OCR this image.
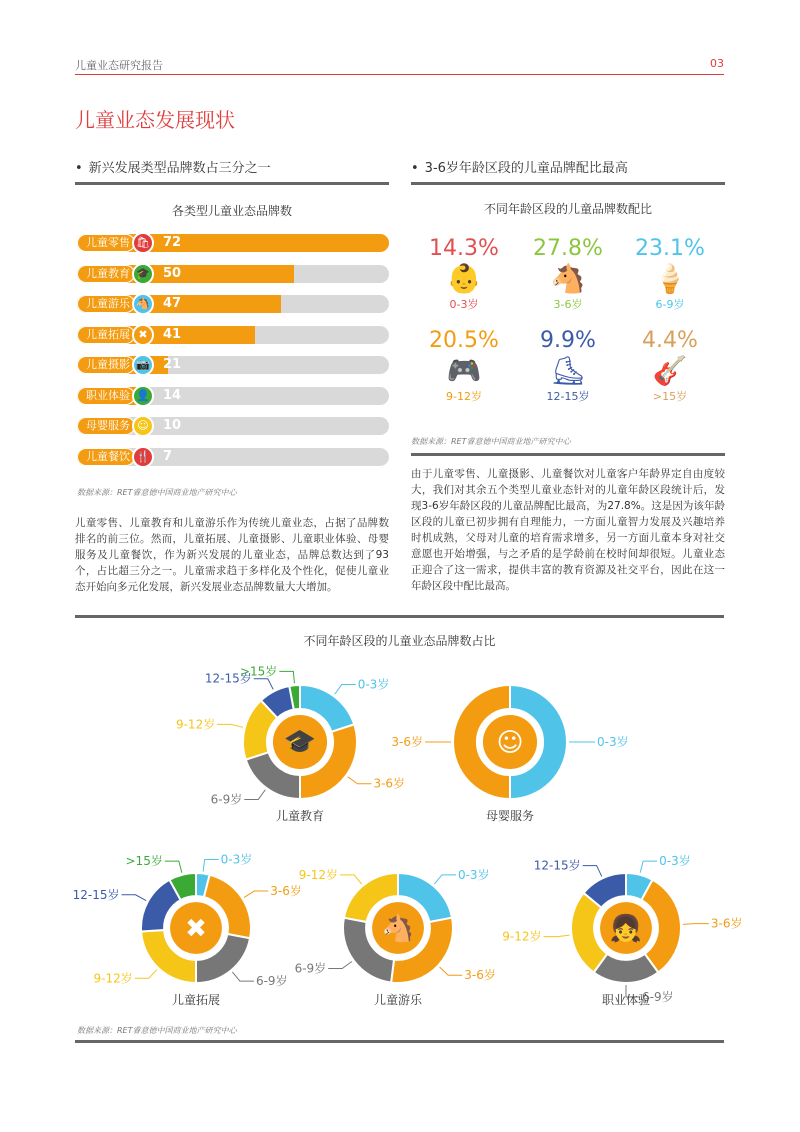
儿童业态研究报告	03
儿童业态发展现状
• 新兴发展类型品牌数占三分之一
各类型儿童业态品牌数
儿童零售 🛍	72
儿童教育 🎓	50
儿童游乐 🐴	47
儿童拓展 ✖	41
儿童摄影 📷	21
职业体验 👤	14
母婴服务 ☺	10
儿童餐饮 🍴	7
数据来源：RET睿意德中国商业地产研究中心
儿童零售、儿童教育和儿童游乐作为传统儿童业态，占据了品牌数排名的前三位。然而，儿童拓展、儿童摄影、儿童职业体验、母婴服务及儿童餐饮，作为新兴发展的儿童业态，品牌总数达到了93个，占比超三分之一。儿童需求趋于多样化及个性化，促使儿童业态开始向多元化发展，新兴发展业态品牌数量大大增加。
• 3-6岁年龄区段的儿童品牌配比最高
不同年龄区段的儿童品牌数配比
14.3%
👶
0-3岁
27.8%
🐴
3-6岁
23.1%
🍦
6-9岁
20.5%
🎮
9-12岁
9.9%
⛸
12-15岁
4.4%
🎸
>15岁
数据来源：RET睿意德中国商业地产研究中心
由于儿童零售、儿童摄影、儿童餐饮对儿童客户年龄界定自由度较大，我们对其余五个类型儿童业态针对的儿童年龄区段统计后，发现3-6岁年龄区段的儿童品牌配比最高，为27.8%。这是因为该年龄区段的儿童已初步拥有自理能力，一方面儿童智力发展及兴趣培养时机成熟，父母对儿童的培育需求增多，另一方面儿童本身对社交意愿也开始增强，与之矛盾的是学龄前在校时间却很短。儿童业态正迎合了这一需求，提供丰富的教育资源及社交平台，因此在这一年龄区段中配比最高。
不同年龄区段的儿童业态品牌数占比
0-3岁
3-6岁
6-9岁
9-12岁
12-15岁
>15岁
🎓	0-3岁
3-6岁	☺
0-3岁
3-6岁
6-9岁
9-12岁
12-15岁
>15岁
✖
0-3岁
3-6岁
6-9岁
9-12岁
🐴
0-3岁
3-6岁
6-9岁
9-12岁
12-15岁
👧
儿童教育	母婴服务
儿童拓展	儿童游乐	职业体验
数据来源：RET睿意德中国商业地产研究中心
